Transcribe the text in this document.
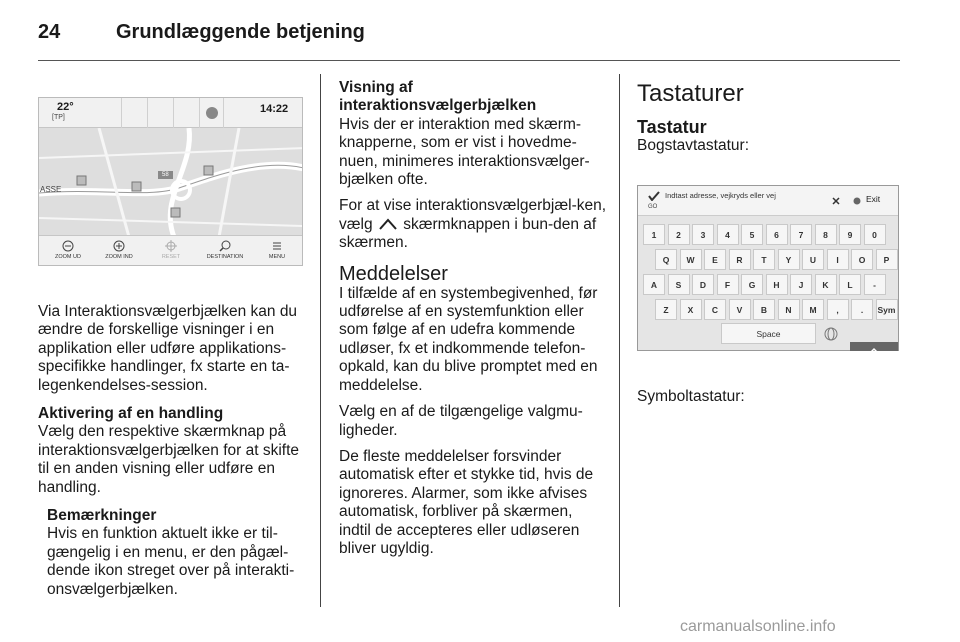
24	Grundlæggende betjening
22°
[TP]
14:22
58
ASSE
ZOOM UD	ZOOM IND	RESET	DESTINATION	MENU

Via Interaktionsvælgerbjælken kan du ændre de forskellige visninger i en applikation eller udføre applikations-specifikke handlinger, fx starte en ta-legenkendelses-session.

Aktivering af en handling

Vælg den respektive skærmknap på interaktionsvælgerbjælken for at skifte til en anden visning eller udføre en handling.

Bemærkninger

Hvis en funktion aktuelt ikke er til-gængelig i en menu, er den pågæl-dende ikon streget over på interakti-onsvælgerbjælken.

Visning af interaktionsvælgerbjælken

Hvis der er interaktion med skærm-knapperne, som er vist i hovedme-nuen, minimeres interaktionsvælger-bjælken ofte.

For at vise interaktionsvælgerbjæl-ken, vælg skærmknappen i bun-den af skærmen.

Meddelelser

I tilfælde af en systembegivenhed, før udførelse af en systemfunktion eller som følge af en udefra kommende udløser, fx et indkommende telefon-opkald, kan du blive promptet med en meddelelse.

Vælg en af de tilgængelige valgmu-ligheder.

De fleste meddelelser forsvinder automatisk efter et stykke tid, hvis de ignoreres. Alarmer, som ikke afvises automatisk, forbliver på skærmen, indtil de accepteres eller udløseren bliver ugyldig.

Tastaturer
Tastatur

Bogstavtastatur:

Symboltastatur:

Indtast adresse, vejkryds eller vej
GO
Exit
1	2	3	4	5	6	7	8	9	0
Q	W	E	R	T	Y	U	I	O	P
A	S	D	F	G	H	J	K	L	-
Z	X	C	V	B	N	M	,	.	Sym
Space
carmanualsonline.info
